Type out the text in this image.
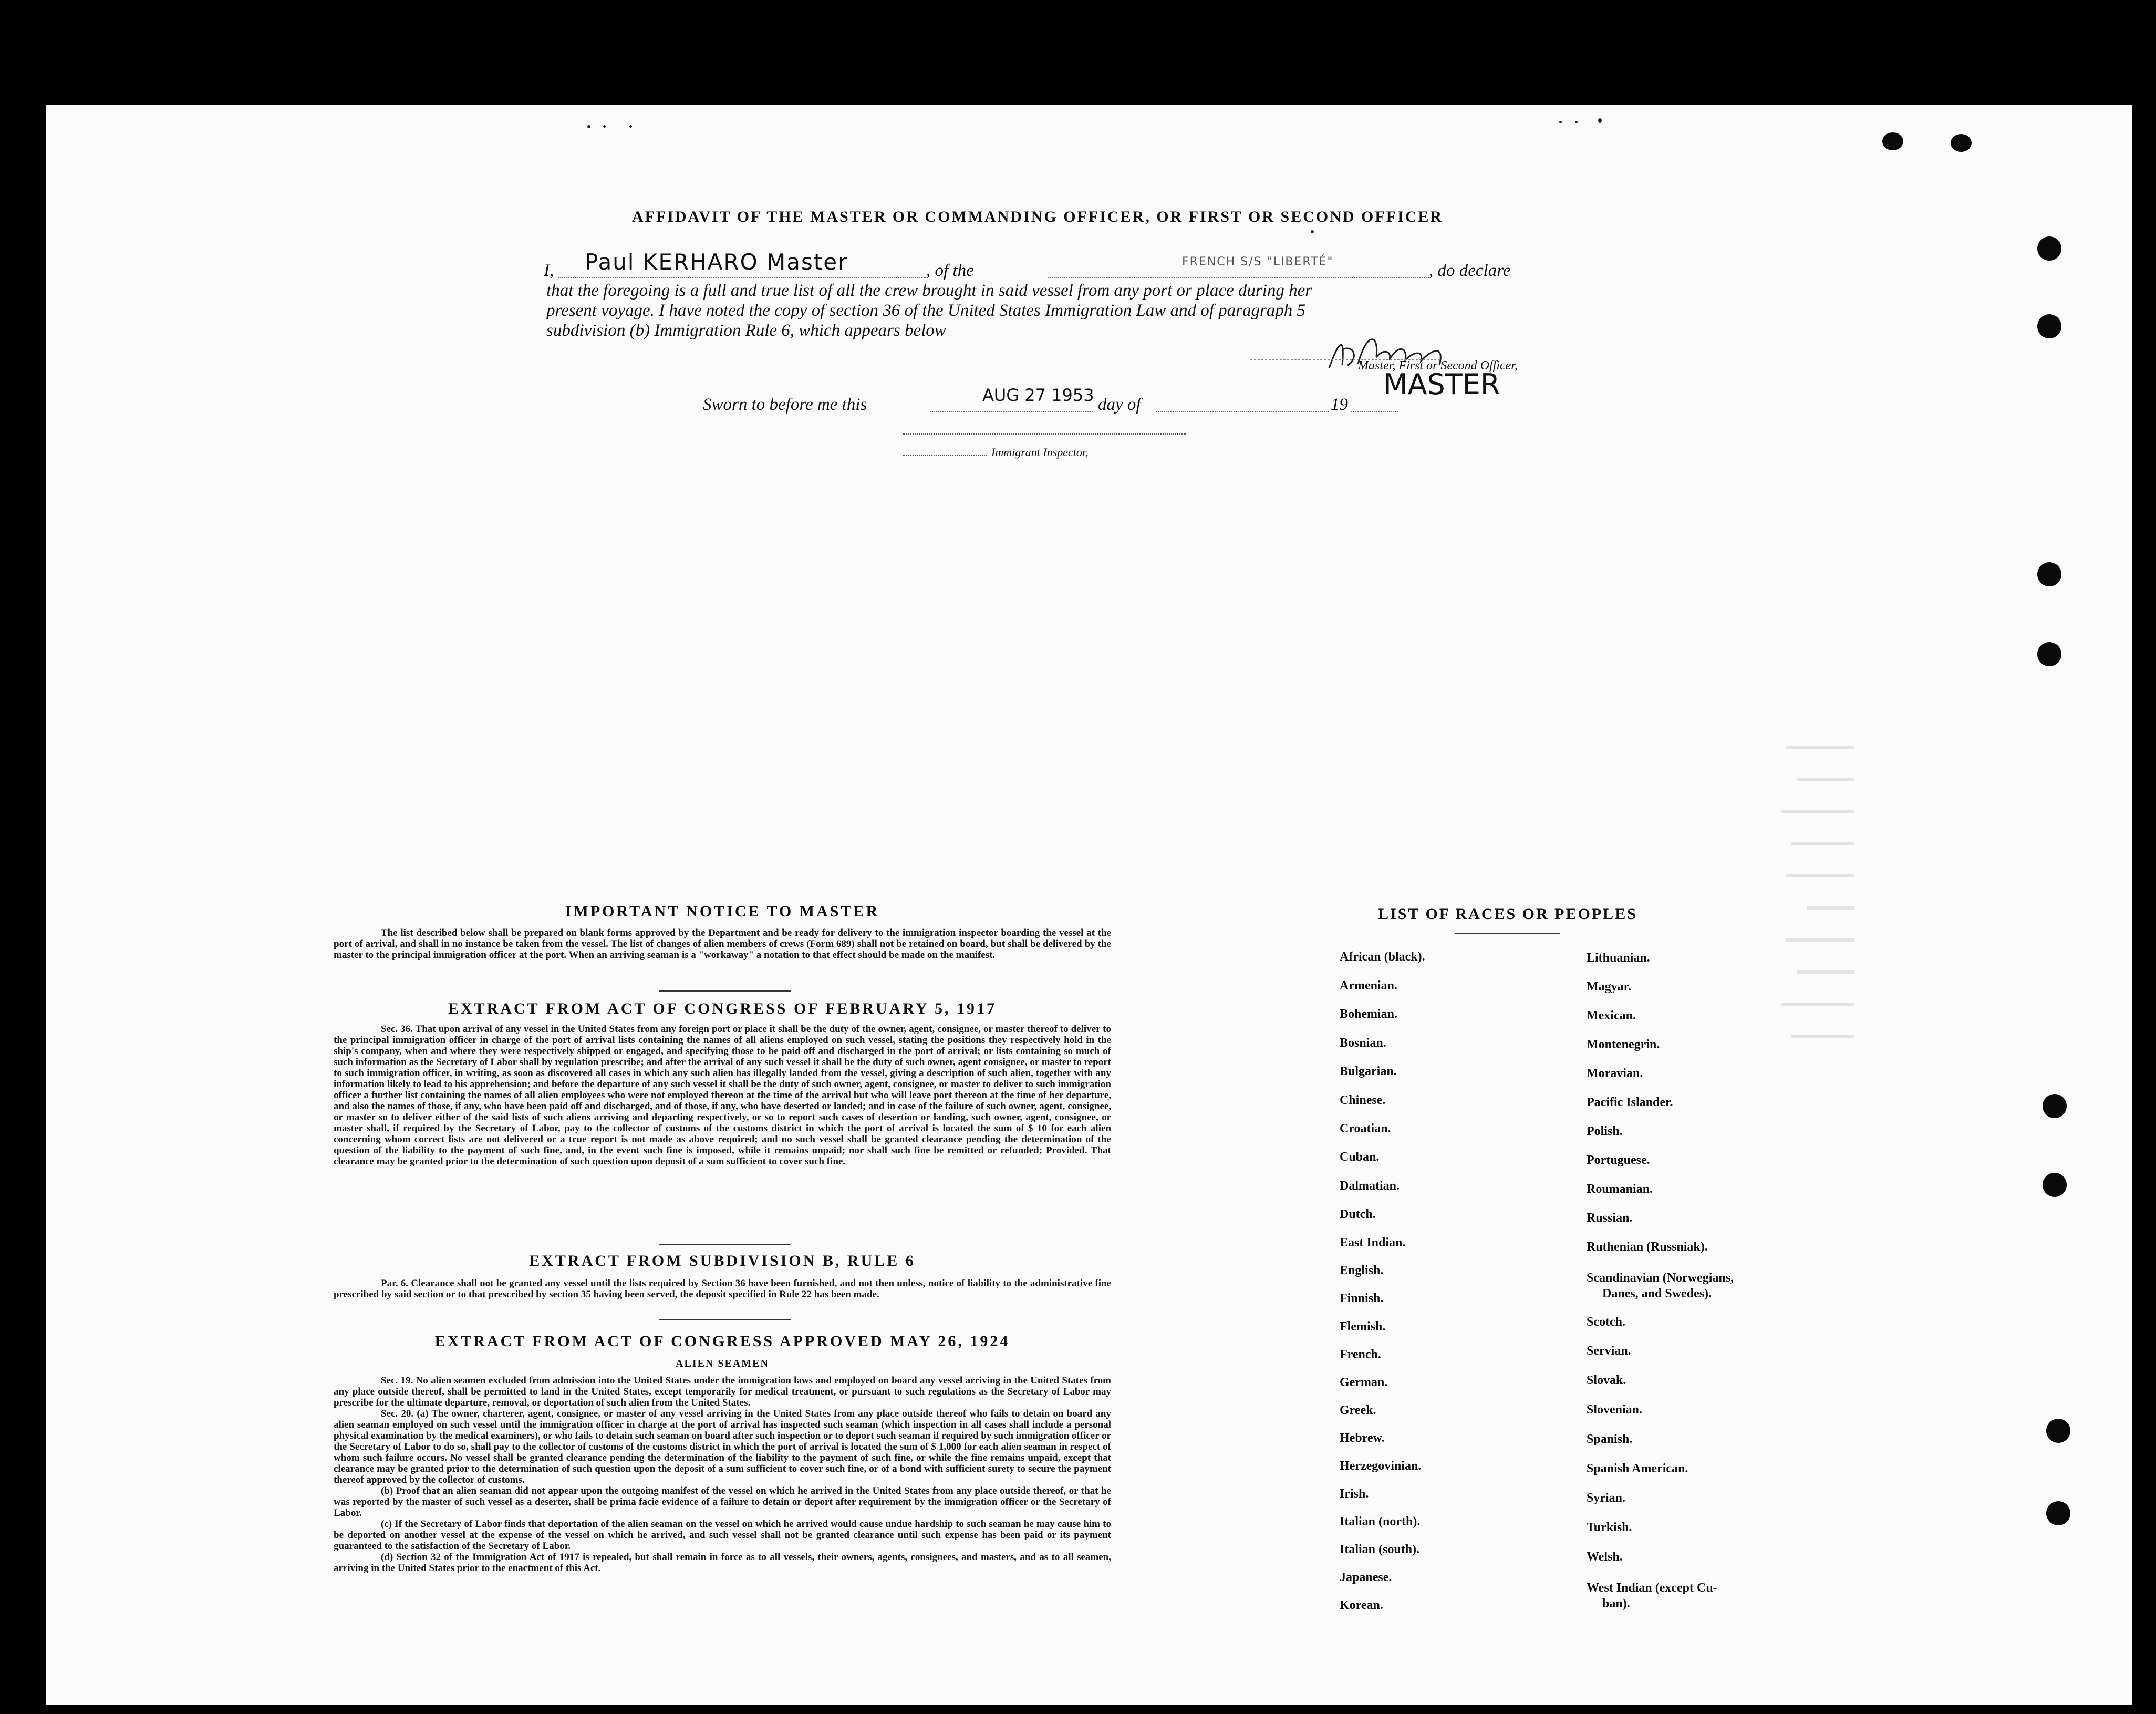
AFFIDAVIT OF THE MASTER OR COMMANDING OFFICER, OR FIRST OR SECOND OFFICER
I, Paul KERHARO Master	, of the	FRENCH S/S "LIBERTÉ"	, do declare
that the foregoing is a full and true list of all the crew brought in said vessel from any port or place during her
present voyage. I have noted the copy of section 36 of the United States Immigration Law and of paragraph 5
subdivision (b) Immigration Rule 6, which appears below
Master, First or Second Officer,
Sworn to before me this	AUG 27 1953 day of	19
MASTER
Immigrant Inspector,
IMPORTANT NOTICE TO MASTER
The list described below shall be prepared on blank forms approved by the Department and be ready for delivery to the immigration inspector boarding the vessel at the port of arrival, and shall in no instance be taken from the vessel. The list of changes of alien members of crews (Form 689) shall not be retained on board, but shall be delivered by the master to the principal immigration officer at the port. When an arriving seaman is a "workaway" a notation to that effect should be made on the manifest.
EXTRACT FROM ACT OF CONGRESS OF FEBRUARY 5, 1917
Sec. 36. That upon arrival of any vessel in the United States from any foreign port or place it shall be the duty of the owner, agent, consignee, or master thereof to deliver to the principal immigration officer in charge of the port of arrival lists containing the names of all aliens employed on such vessel, stating the positions they respectively hold in the ship's company, when and where they were respectively shipped or engaged, and specifying those to be paid off and discharged in the port of arrival; or lists containing so much of such information as the Secretary of Labor shall by regulation prescribe; and after the arrival of any such vessel it shall be the duty of such owner, agent consignee, or master to report to such immigration officer, in writing, as soon as discovered all cases in which any such alien has illegally landed from the vessel, giving a description of such alien, together with any information likely to lead to his apprehension; and before the departure of any such vessel it shall be the duty of such owner, agent, consignee, or master to deliver to such immigration officer a further list containing the names of all alien employees who were not employed thereon at the time of the arrival but who will leave port thereon at the time of her departure, and also the names of those, if any, who have been paid off and discharged, and of those, if any, who have deserted or landed; and in case of the failure of such owner, agent, consignee, or master so to deliver either of the said lists of such aliens arriving and departing respectively, or so to report such cases of desertion or landing, such owner, agent, consignee, or master shall, if required by the Secretary of Labor, pay to the collector of customs of the customs district in which the port of arrival is located the sum of $ 10 for each alien concerning whom correct lists are not delivered or a true report is not made as above required; and no such vessel shall be granted clearance pending the determination of the question of the liability to the payment of such fine, and, in the event such fine is imposed, while it remains unpaid; nor shall such fine be remitted or refunded; Provided. That clearance may be granted prior to the determination of such question upon deposit of a sum sufficient to cover such fine.
EXTRACT FROM SUBDIVISION B, RULE 6
Par. 6. Clearance shall not be granted any vessel until the lists required by Section 36 have been furnished, and not then unless, notice of liability to the administrative fine prescribed by said section or to that prescribed by section 35 having been served, the deposit specified in Rule 22 has been made.
EXTRACT FROM ACT OF CONGRESS APPROVED MAY 26, 1924
ALIEN SEAMEN
Sec. 19. No alien seamen excluded from admission into the United States under the immigration laws and employed on board any vessel arriving in the United States from any place outside thereof, shall be permitted to land in the United States, except temporarily for medical treatment, or pursuant to such regulations as the Secretary of Labor may prescribe for the ultimate departure, removal, or deportation of such alien from the United States.
Sec. 20. (a) The owner, charterer, agent, consignee, or master of any vessel arriving in the United States from any place outside thereof who fails to detain on board any alien seaman employed on such vessel until the immigration officer in charge at the port of arrival has inspected such seaman (which inspection in all cases shall include a personal physical examination by the medical examiners), or who fails to detain such seaman on board after such inspection or to deport such seaman if required by such immigration officer or the Secretary of Labor to do so, shall pay to the collector of customs of the customs district in which the port of arrival is located the sum of $ 1,000 for each alien seaman in respect of whom such failure occurs. No vessel shall be granted clearance pending the determination of the liability to the payment of such fine, or while the fine remains unpaid, except that clearance may be granted prior to the determination of such question upon the deposit of a sum sufficient to cover such fine, or of a bond with sufficient surety to secure the payment thereof approved by the collector of customs.
(b) Proof that an alien seaman did not appear upon the outgoing manifest of the vessel on which he arrived in the United States from any place outside thereof, or that he was reported by the master of such vessel as a deserter, shall be prima facie evidence of a failure to detain or deport after requirement by the immigration officer or the Secretary of Labor.
(c) If the Secretary of Labor finds that deportation of the alien seaman on the vessel on which he arrived would cause undue hardship to such seaman he may cause him to be deported on another vessel at the expense of the vessel on which he arrived, and such vessel shall not be granted clearance until such expense has been paid or its payment guaranteed to the satisfaction of the Secretary of Labor.
(d) Section 32 of the Immigration Act of 1917 is repealed, but shall remain in force as to all vessels, their owners, agents, consignees, and masters, and as to all seamen, arriving in the United States prior to the enactment of this Act.
LIST OF RACES OR PEOPLES
African (black).
Armenian.
Bohemian.
Bosnian.
Bulgarian.
Chinese.
Croatian.
Cuban.
Dalmatian.
Dutch.
East Indian.
English.
Finnish.
Flemish.
French.
German.
Greek.
Hebrew.
Herzegovinian.
Irish.
Italian (north).
Italian (south).
Japanese.
Korean.
Lithuanian.
Magyar.
Mexican.
Montenegrin.
Moravian.
Pacific Islander.
Polish.
Portuguese.
Roumanian.
Russian.
Ruthenian (Russniak).
Scandinavian (Norwegians,
Danes, and Swedes).
Scotch.
Servian.
Slovak.
Slovenian.
Spanish.
Spanish American.
Syrian.
Turkish.
Welsh.
West Indian (except Cu-
ban).
